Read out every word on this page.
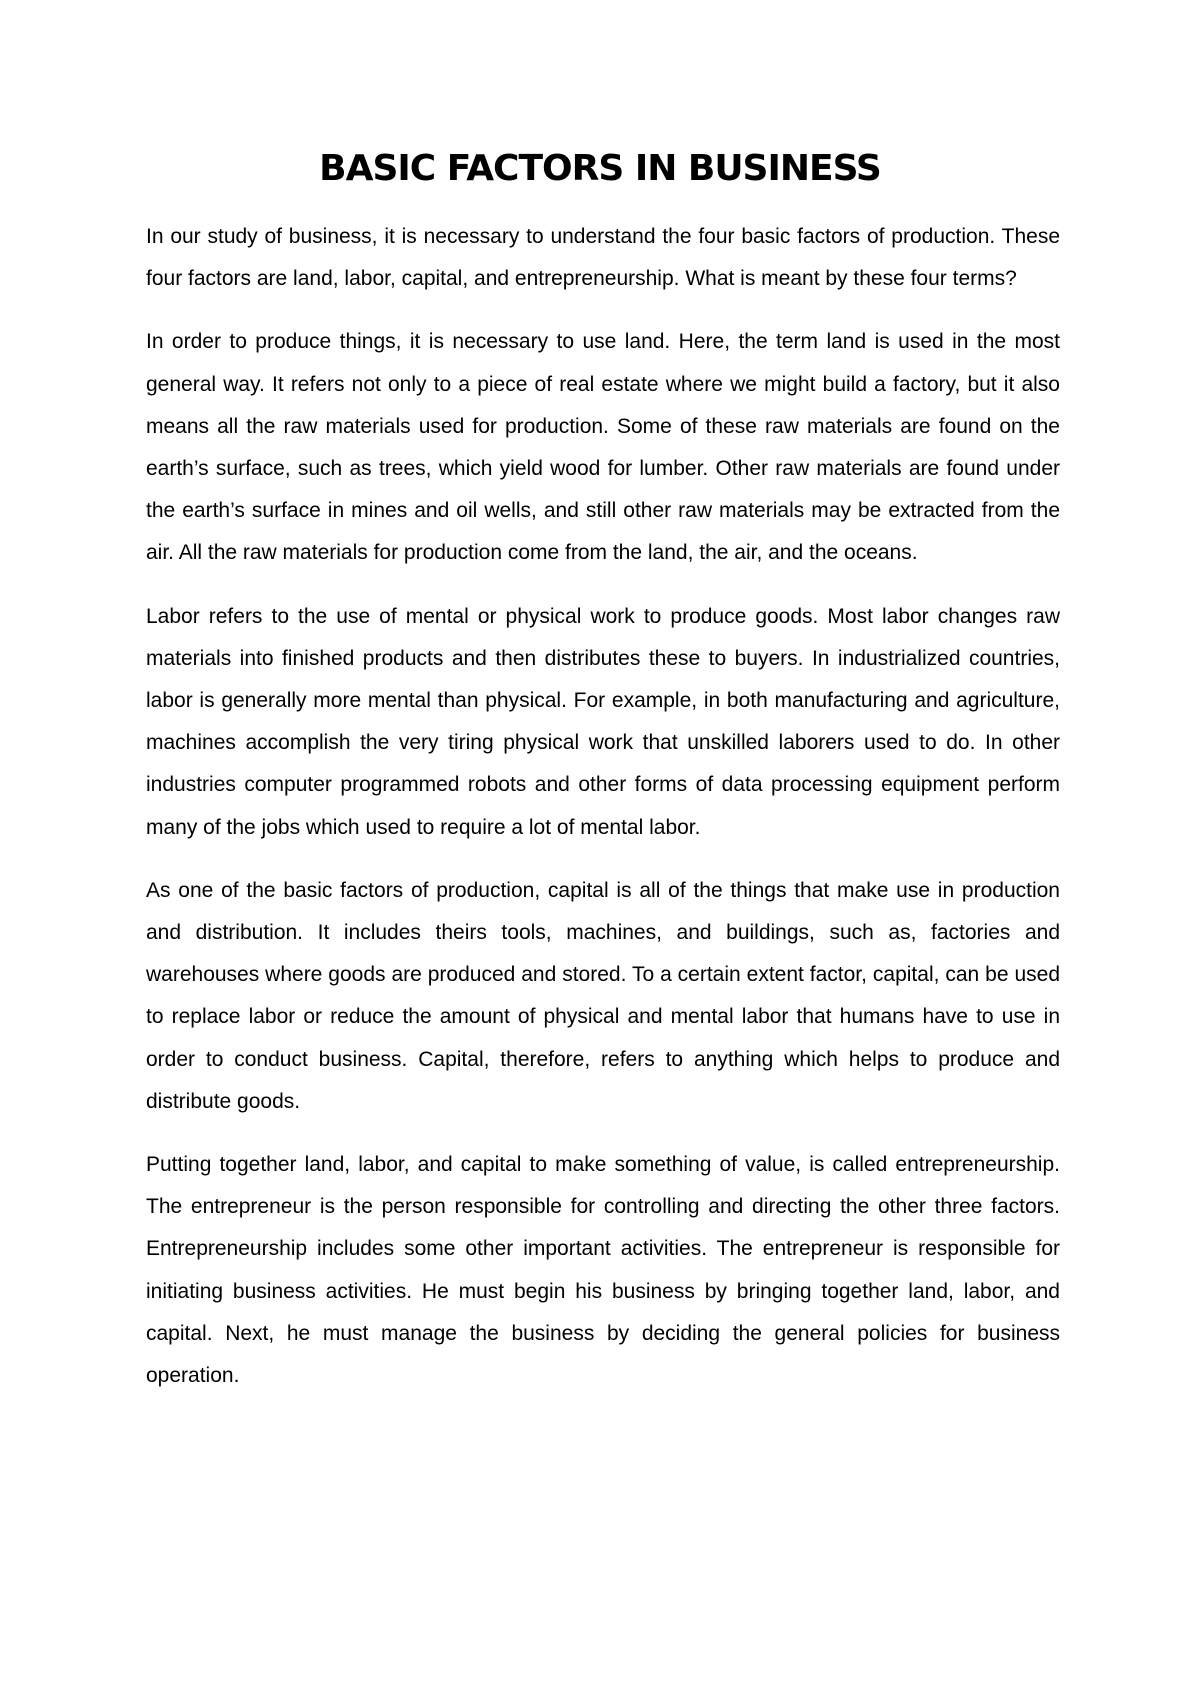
BASIC FACTORS IN BUSINESS

In our study of business, it is necessary to understand the four basic factors of production. These four factors are land, labor, capital, and entrepreneurship. What is meant by these four terms?

In order to produce things, it is necessary to use land. Here, the term land is used in the most general way. It refers not only to a piece of real estate where we might build a factory, but it also means all the raw materials used for production. Some of these raw materials are found on the earth’s surface, such as trees, which yield wood for lumber. Other raw materials are found under the earth’s surface in mines and oil wells, and still other raw materials may be extracted from the air. All the raw materials for production come from the land, the air, and the oceans.

Labor refers to the use of mental or physical work to produce goods. Most labor changes raw materials into finished products and then distributes these to buyers. In industrialized countries, labor is generally more mental than physical. For example, in both manufacturing and agriculture, machines accomplish the very tiring physical work that unskilled laborers used to do. In other industries computer programmed robots and other forms of data processing equipment perform many of the jobs which used to require a lot of mental labor.

As one of the basic factors of production, capital is all of the things that make use in production and distribution. It includes theirs tools, machines, and buildings, such as, factories and warehouses where goods are produced and stored. To a certain extent factor, capital, can be used to replace labor or reduce the amount of physical and mental labor that humans have to use in order to conduct business. Capital, therefore, refers to anything which helps to produce and distribute goods.

Putting together land, labor, and capital to make something of value, is called entrepreneurship. The entrepreneur is the person responsible for controlling and directing the other three factors. Entrepreneurship includes some other important activities. The entrepreneur is responsible for initiating business activities. He must begin his business by bringing together land, labor, and capital. Next, he must manage the business by deciding the general policies for business operation.
